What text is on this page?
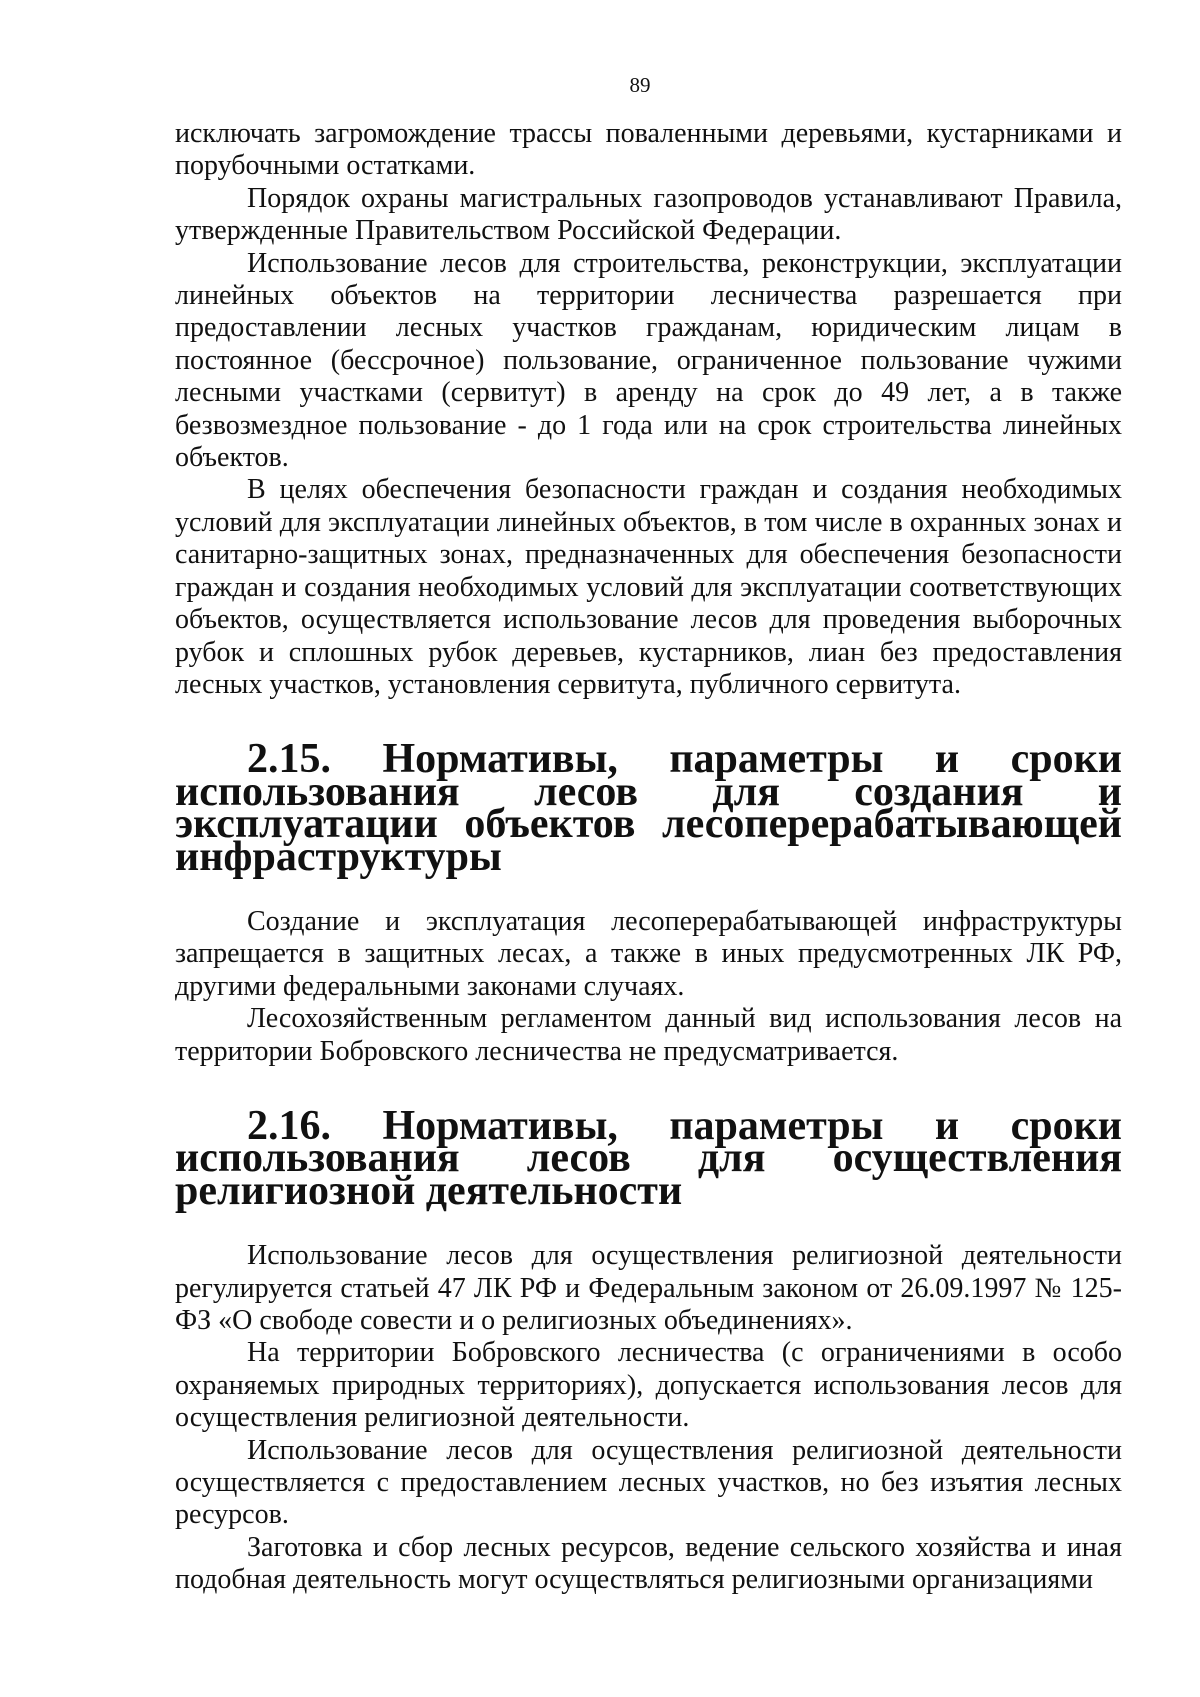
89

исключать загромождение трассы поваленными деревьями, кустарниками и порубочными остатками.

Порядок охраны магистральных газопроводов устанавливают Правила, утвержденные Правительством Российской Федерации.

Использование лесов для строительства, реконструкции, эксплуатации линейных объектов на территории лесничества разрешается при предоставлении лесных участков гражданам, юридическим лицам в постоянное (бессрочное) пользование, ограниченное пользование чужими лесными участками (сервитут) в аренду на срок до 49 лет, а в также безвозмездное пользование - до 1 года или на срок строительства линейных объектов.

В целях обеспечения безопасности граждан и создания необходимых условий для эксплуатации линейных объектов, в том числе в охранных зонах и санитарно-защитных зонах, предназначенных для обеспечения безопасности граждан и создания необходимых условий для эксплуатации соответствующих объектов, осуществляется использование лесов для проведения выборочных рубок и сплошных рубок деревьев, кустарников, лиан без предоставления лесных участков, установления сервитута, публичного сервитута.

2.15. Нормативы, параметры и сроки использования лесов для создания и эксплуатации объектов лесоперерабатывающей инфраструктуры

Создание и эксплуатация лесоперерабатывающей инфраструктуры запрещается в защитных лесах, а также в иных предусмотренных ЛК РФ, другими федеральными законами случаях.

Лесохозяйственным регламентом данный вид использования лесов на территории Бобровского лесничества не предусматривается.

2.16. Нормативы, параметры и сроки использования лесов для осуществления религиозной деятельности

Использование лесов для осуществления религиозной деятельности регулируется статьей 47 ЛК РФ и Федеральным законом от 26.09.1997 № 125-ФЗ «О свободе совести и о религиозных объединениях».

На территории Бобровского лесничества (с ограничениями в особо охраняемых природных территориях), допускается использования лесов для осуществления религиозной деятельности.

Использование лесов для осуществления религиозной деятельности осуществляется с предоставлением лесных участков, но без изъятия лесных ресурсов.

Заготовка и сбор лесных ресурсов, ведение сельского хозяйства и иная подобная деятельность могут осуществляться религиозными организациями
